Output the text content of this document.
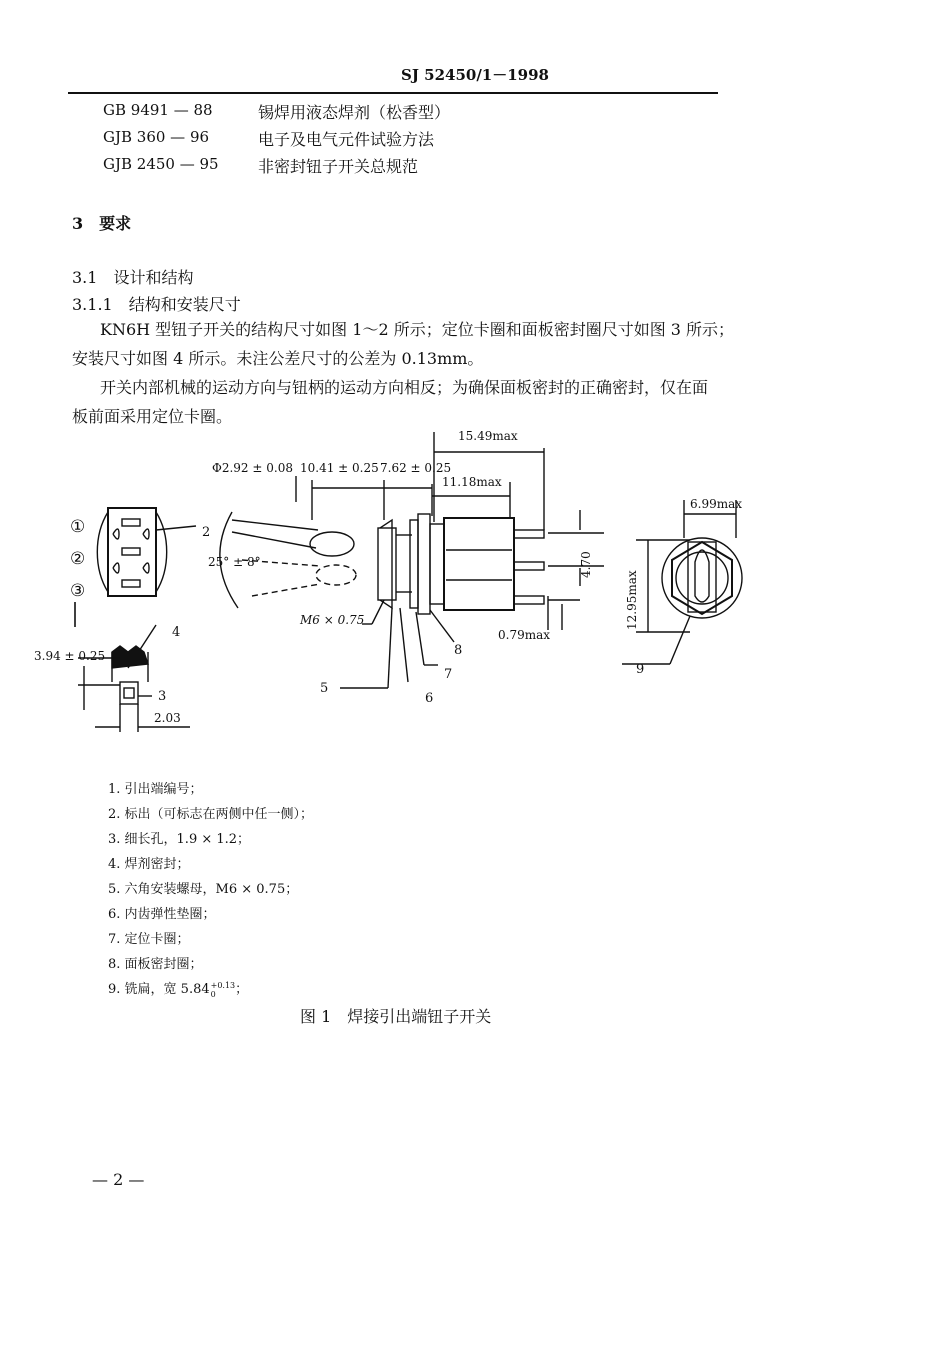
SJ 52450/1－1998
GB 9491 — 88	锡焊用液态焊剂（松香型）
GJB 360 — 96	电子及电气元件试验方法
GJB 2450 — 95 非密封钮子开关总规范
3　要求
3.1　设计和结构
3.1.1　结构和安装尺寸
KN6H 型钮子开关的结构尺寸如图 1～2 所示；定位卡圈和面板密封圈尺寸如图 3 所示；
安装尺寸如图 4 所示。未注公差尺寸的公差为 0.13mm。
开关内部机械的运动方向与钮柄的运动方向相反；为确保面板密封的正确密封，仅在面
板前面采用定位卡圈。
①
②
③
15.49max
Φ2.92 ± 0.08 10.41 ± 0.25 7.62 ± 0.25
11.18max
6.99max
25° ± 8°
M6 × 0.75
0.79max
3.94 ± 0.25
2.03
4.70
12.95max
2
4
3
5
6
7
8
9
1. 引出端编号；
2. 标出（可标志在两侧中任一侧）；
3. 细长孔，1.9 × 1.2；
4. 焊剂密封；
5. 六角安装螺母，M6 × 0.75；
6. 内齿弹性垫圈；
7. 定位卡圈；
8. 面板密封圈；
9. 铣扁，宽 5.84 +0.13
0	；
图 1　焊接引出端钮子开关
— 2 —
